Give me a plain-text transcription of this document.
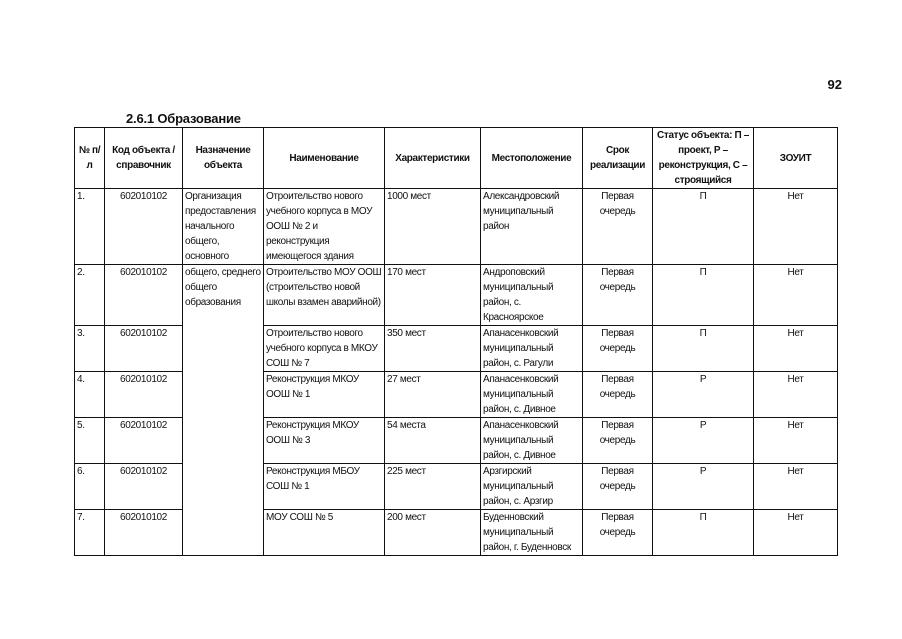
92
2.6.1 Образование
№ п/л	Код объекта / справочник	Назначение объекта	Наименование	Характеристики	Местоположение	Срок реализации	Статус объекта: П – проект, Р – реконструкция, С – строящийся	ЗОУИТ
1.	602010102	Организация предоставления начального общего, основного	Отроительство нового учебного корпуса в МОУ ООШ № 2 и реконструкция имеющегося здания	1000 мест	Александровский муниципальный район	Первая очередь	П	Нет
2.	602010102	общего, среднего общего образования	Отроительство МОУ ООШ (строительство новой школы взамен аварийной)	170 мест	Андроповский муниципальный район, с. Красноярское	Первая очередь	П	Нет
3.	602010102		Отроительство нового учебного корпуса в МКОУ СОШ № 7	350 мест	Апанасенковский муниципальный район, с. Рагули	Первая очередь	П	Нет
4.	602010102		Реконструкция МКОУ ООШ № 1	27 мест	Апанасенковский муниципальный район, с. Дивное	Первая очередь	Р	Нет
5.	602010102		Реконструкция МКОУ ООШ № 3	54 места	Апанасенковский муниципальный район, с. Дивное	Первая очередь	Р	Нет
6.	602010102		Реконструкция МБОУ СОШ № 1	225 мест	Арзгирский муниципальный район, с. Арзгир	Первая очередь	Р	Нет
7.	602010102		МОУ СОШ № 5	200 мест	Буденновский муниципальный район, г. Буденновск	Первая очередь	П	Нет
